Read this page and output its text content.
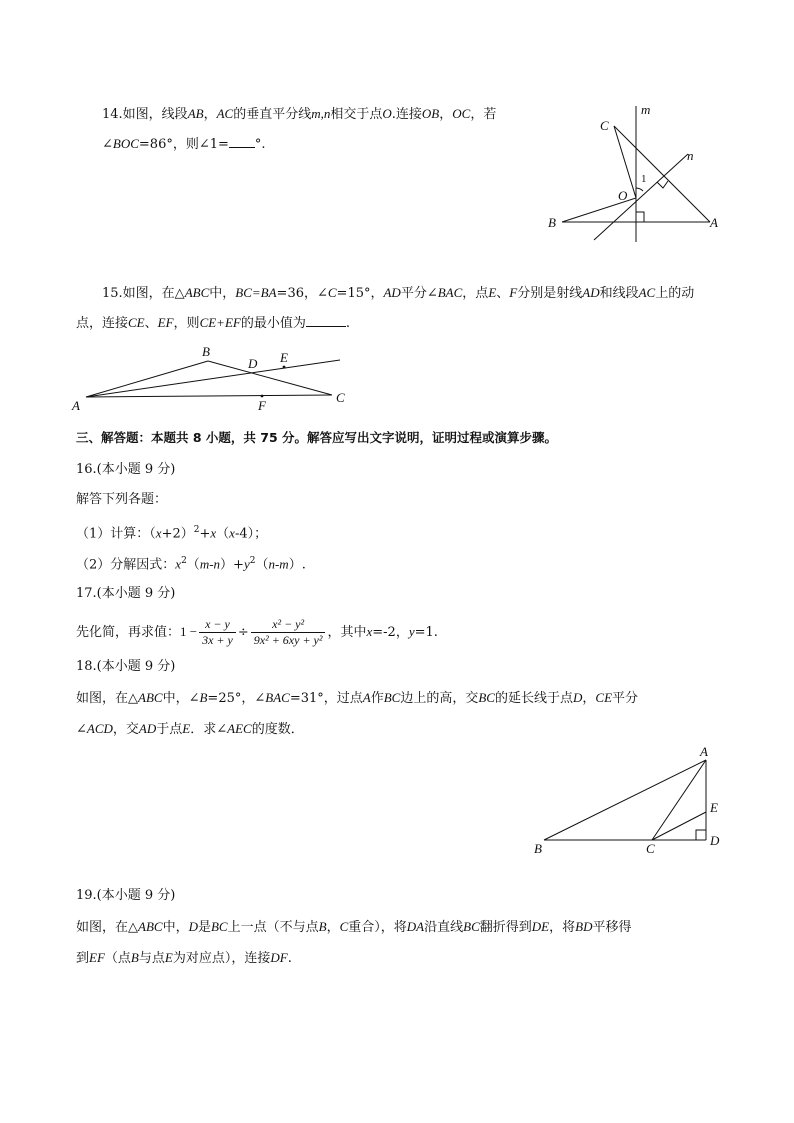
14.如图，线段AB，AC的垂直平分线m,n相交于点O.连接OB，OC，若
∠BOC=86°，则∠1= °.
C
m
n
1
O
B	A
15.如图，在△ABC中，BC=BA=36，∠C=15°，AD平分∠BAC，点E、F分别是射线AD和线段AC上的动
点，连接CE、EF，则CE+EF的最小值为	.
A
B
D E
F
C
三、解答题：本题共 8 小题，共 75 分。解答应写出文字说明，证明过程或演算步骤。
16.(本小题 9 分)
解答下列各题：
（1）计算：$(x+2)^2+x(x-4)$；
（2）分解因式：$x^2(m-n)+y^2(n-m)$.
17.(本小题 9 分)
先化简，再求值：$1 - \frac{x - y}{3x + y} \div \frac{\text{x² − y²}}{\text{9x² + 6xy + y²}}$ ，其中x=-2，y=1.
18.(本小题 9 分)
如图，在△ABC中，∠B=25°，∠BAC=31°，过点A作BC边上的高，交BC的延长线于点D，CE平分
∠ACD，交AD于点E．求∠AEC的度数．
A
E
D
B	C
19.(本小题 9 分)
如图，在△ABC中，D是BC上一点（不与点B，C重合），将DA沿直线BC翻折得到DE，将BD平移得
到EF（点B与点E为对应点），连接DF.
